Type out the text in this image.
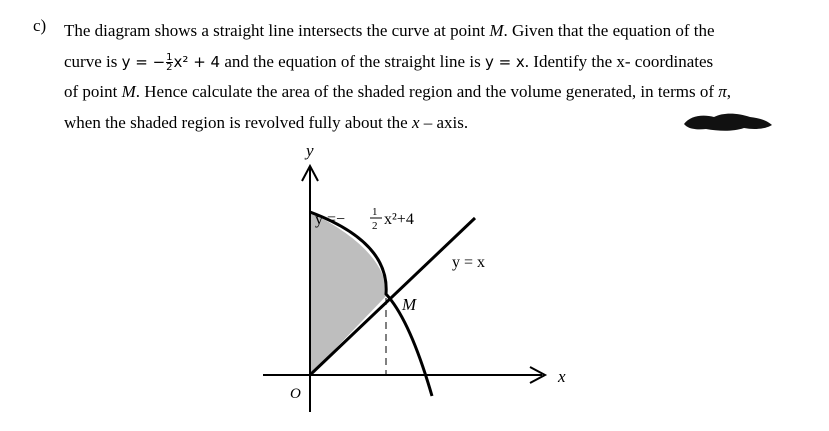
c) The diagram shows a straight line intersects the curve at point M. Given that the equation of the
curve is y = − $\frac{1}{2} x^2 + 4$ and the equation of the straight line is y = x. Identify the x- coordinates
of point M. Hence calculate the area of the shaded region and the volume generated, in terms of π,
when the shaded region is revolved fully about the x – axis.

y
x
O
y =− 1
2 x²+4
y = x
M
